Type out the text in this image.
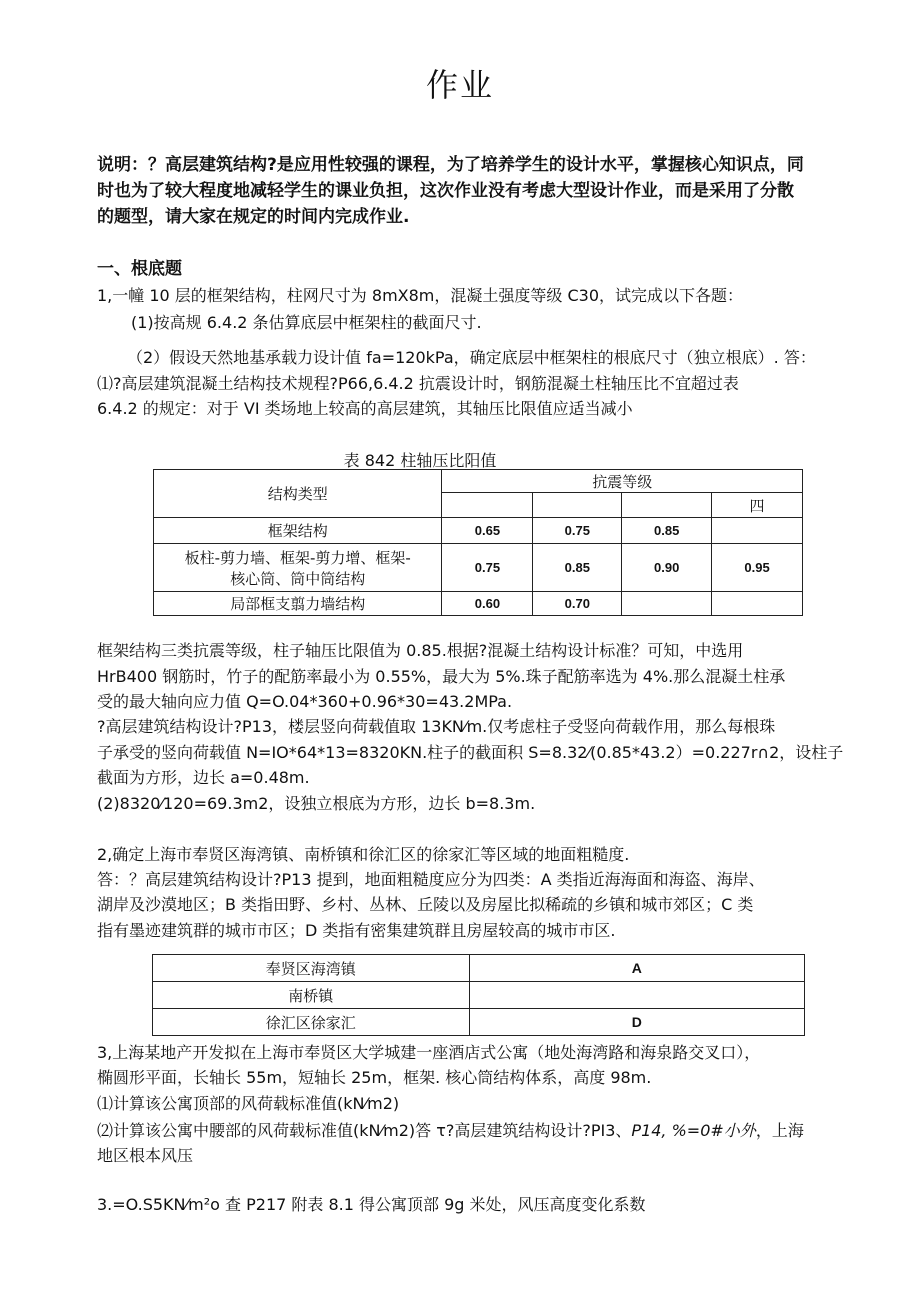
作业
说明：？高层建筑结构?是应用性较强的课程，为了培养学生的设计水平，掌握核心知识点，同
时也为了较大程度地减轻学生的课业负担，这次作业没有考虑大型设计作业，而是采用了分散
的题型，请大家在规定的时间内完成作业.
一、根底题
1,一幢 10 层的框架结构，柱网尺寸为 8mX8m，混凝土强度等级 C30，试完成以下各题：
(1)按高规 6.4.2 条估算底层中框架柱的截面尺寸.
（2）假设天然地基承载力设计值 fa=120kPa，确定底层中框架柱的根底尺寸（独立根底）. 答：
⑴?高层建筑混凝土结构技术规程?P66,6.4.2 抗震设计时，钢筋混凝土柱轴压比不宜超过表
6.4.2 的规定：对于 VI 类场地上较高的高层建筑，其轴压比限值应适当减小
表 842 柱轴压比阳值
结构类型	抗震等级			
				四
框架结构	0.65	0.75	0.85	

板柱-剪力墙、框架-剪力增、框架-
核心筒、筒中筒结构	0.75	0.85	0.90	0.95
局部框支翦力墙结构	0.60	0.70		
框架结构三类抗震等级，柱子轴压比限值为 0.85.根据?混凝土结构设计标准？可知，中选用
HrB400 钢筋时，竹子的配筋率最小为 0.55%，最大为 5%.珠子配筋率选为 4%.那么混凝土柱承
受的最大轴向应力值 Q=O.04*360+0.96*30=43.2MPa.
?高层建筑结构设计?P13，楼层竖向荷载值取 13KN⁄m.仅考虑柱子受竖向荷载作用，那么每根珠
子承受的竖向荷载值 N=IO*64*13=8320KN.柱子的截面积 S=8.32⁄(0.85*43.2）=0.227r∩2，设柱子
截面为方形，边长 a=0.48m.
(2)8320⁄120=69.3m2，设独立根底为方形，边长 b=8.3m.
2,确定上海市奉贤区海湾镇、南桥镇和徐汇区的徐家汇等区域的地面粗糙度.
答：？高层建筑结构设计?P13 提到，地面粗糙度应分为四类：A 类指近海海面和海盗、海岸、
湖岸及沙漠地区；B 类指田野、乡村、丛林、丘陵以及房屋比拟稀疏的乡镇和城市郊区；C 类
指有墨迹建筑群的城市市区；D 类指有密集建筑群且房屋较高的城市市区.
奉贤区海湾镇	A
南桥镇	
徐汇区徐家汇	D
3,上海某地产开发拟在上海市奉贤区大学城建一座酒店式公寓（地处海湾路和海泉路交叉口），
椭圆形平面，长轴长 55m，短轴长 25m，框架. 核心筒结构体系，高度 98m.
⑴计算该公寓顶部的风荷载标准值(kN⁄m2)
⑵计算该公寓中腰部的风荷载标准值(kN⁄m2)答 τ?高层建筑结构设计?PI3、P14, %=0#小外，上海
地区根本风压
3.=O.S5KN⁄m²o 查 P217 附表 8.1 得公寓顶部 9g 米处，风压高度变化系数
